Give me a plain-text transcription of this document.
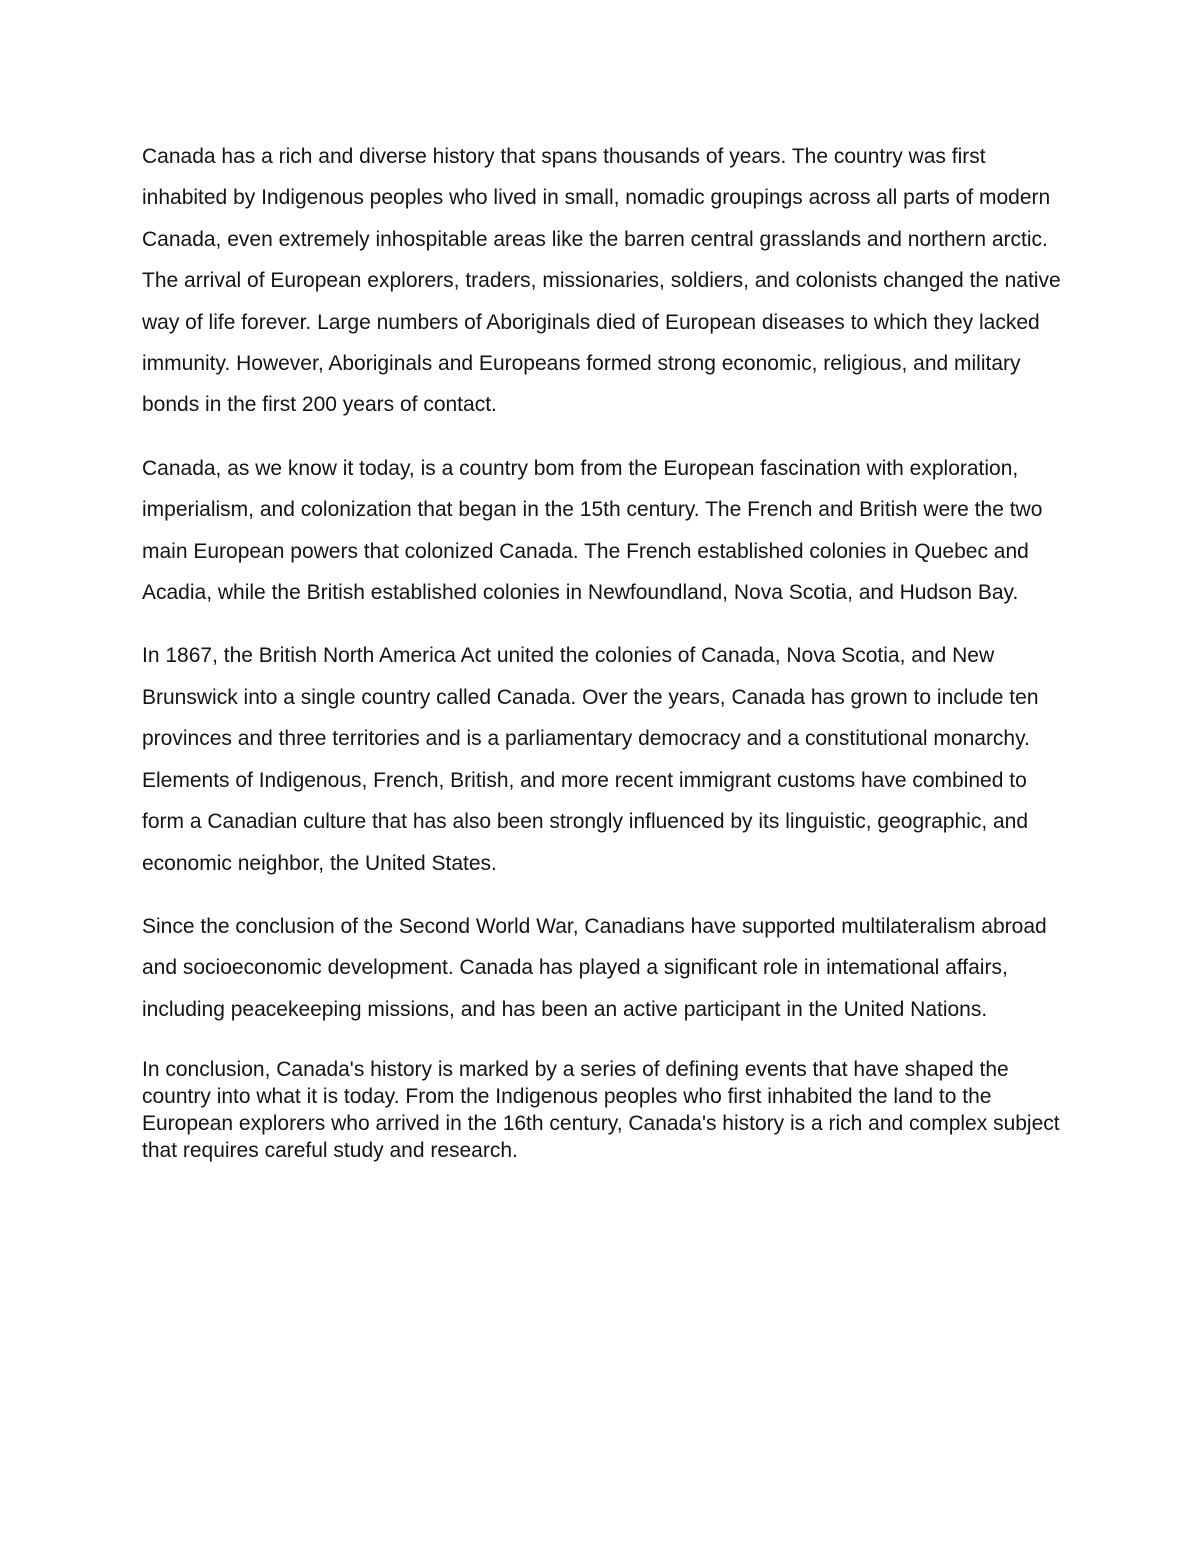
Canada has a rich and diverse history that spans thousands of years. The country was first inhabited by Indigenous peoples who lived in small, nomadic groupings across all parts of modern Canada, even extremely inhospitable areas like the barren central grasslands and northern arctic. The arrival of European explorers, traders, missionaries, soldiers, and colonists changed the native way of life forever. Large numbers of Aboriginals died of European diseases to which they lacked immunity. However, Aboriginals and Europeans formed strong economic, religious, and military bonds in the first 200 years of contact.

Canada, as we know it today, is a country bom from the European fascination with exploration, imperialism, and colonization that began in the 15th century. The French and British were the two main European powers that colonized Canada. The French established colonies in Quebec and Acadia, while the British established colonies in Newfoundland, Nova Scotia, and Hudson Bay.

In 1867, the British North America Act united the colonies of Canada, Nova Scotia, and New Brunswick into a single country called Canada. Over the years, Canada has grown to include ten provinces and three territories and is a parliamentary democracy and a constitutional monarchy. Elements of Indigenous, French, British, and more recent immigrant customs have combined to form a Canadian culture that has also been strongly influenced by its linguistic, geographic, and economic neighbor, the United States.

Since the conclusion of the Second World War, Canadians have supported multilateralism abroad and socioeconomic development. Canada has played a significant role in intemational affairs, including peacekeeping missions, and has been an active participant in the United Nations.

In conclusion, Canada's history is marked by a series of defining events that have shaped the country into what it is today. From the Indigenous peoples who first inhabited the land to the European explorers who arrived in the 16th century, Canada's history is a rich and complex subject that requires careful study and research.
